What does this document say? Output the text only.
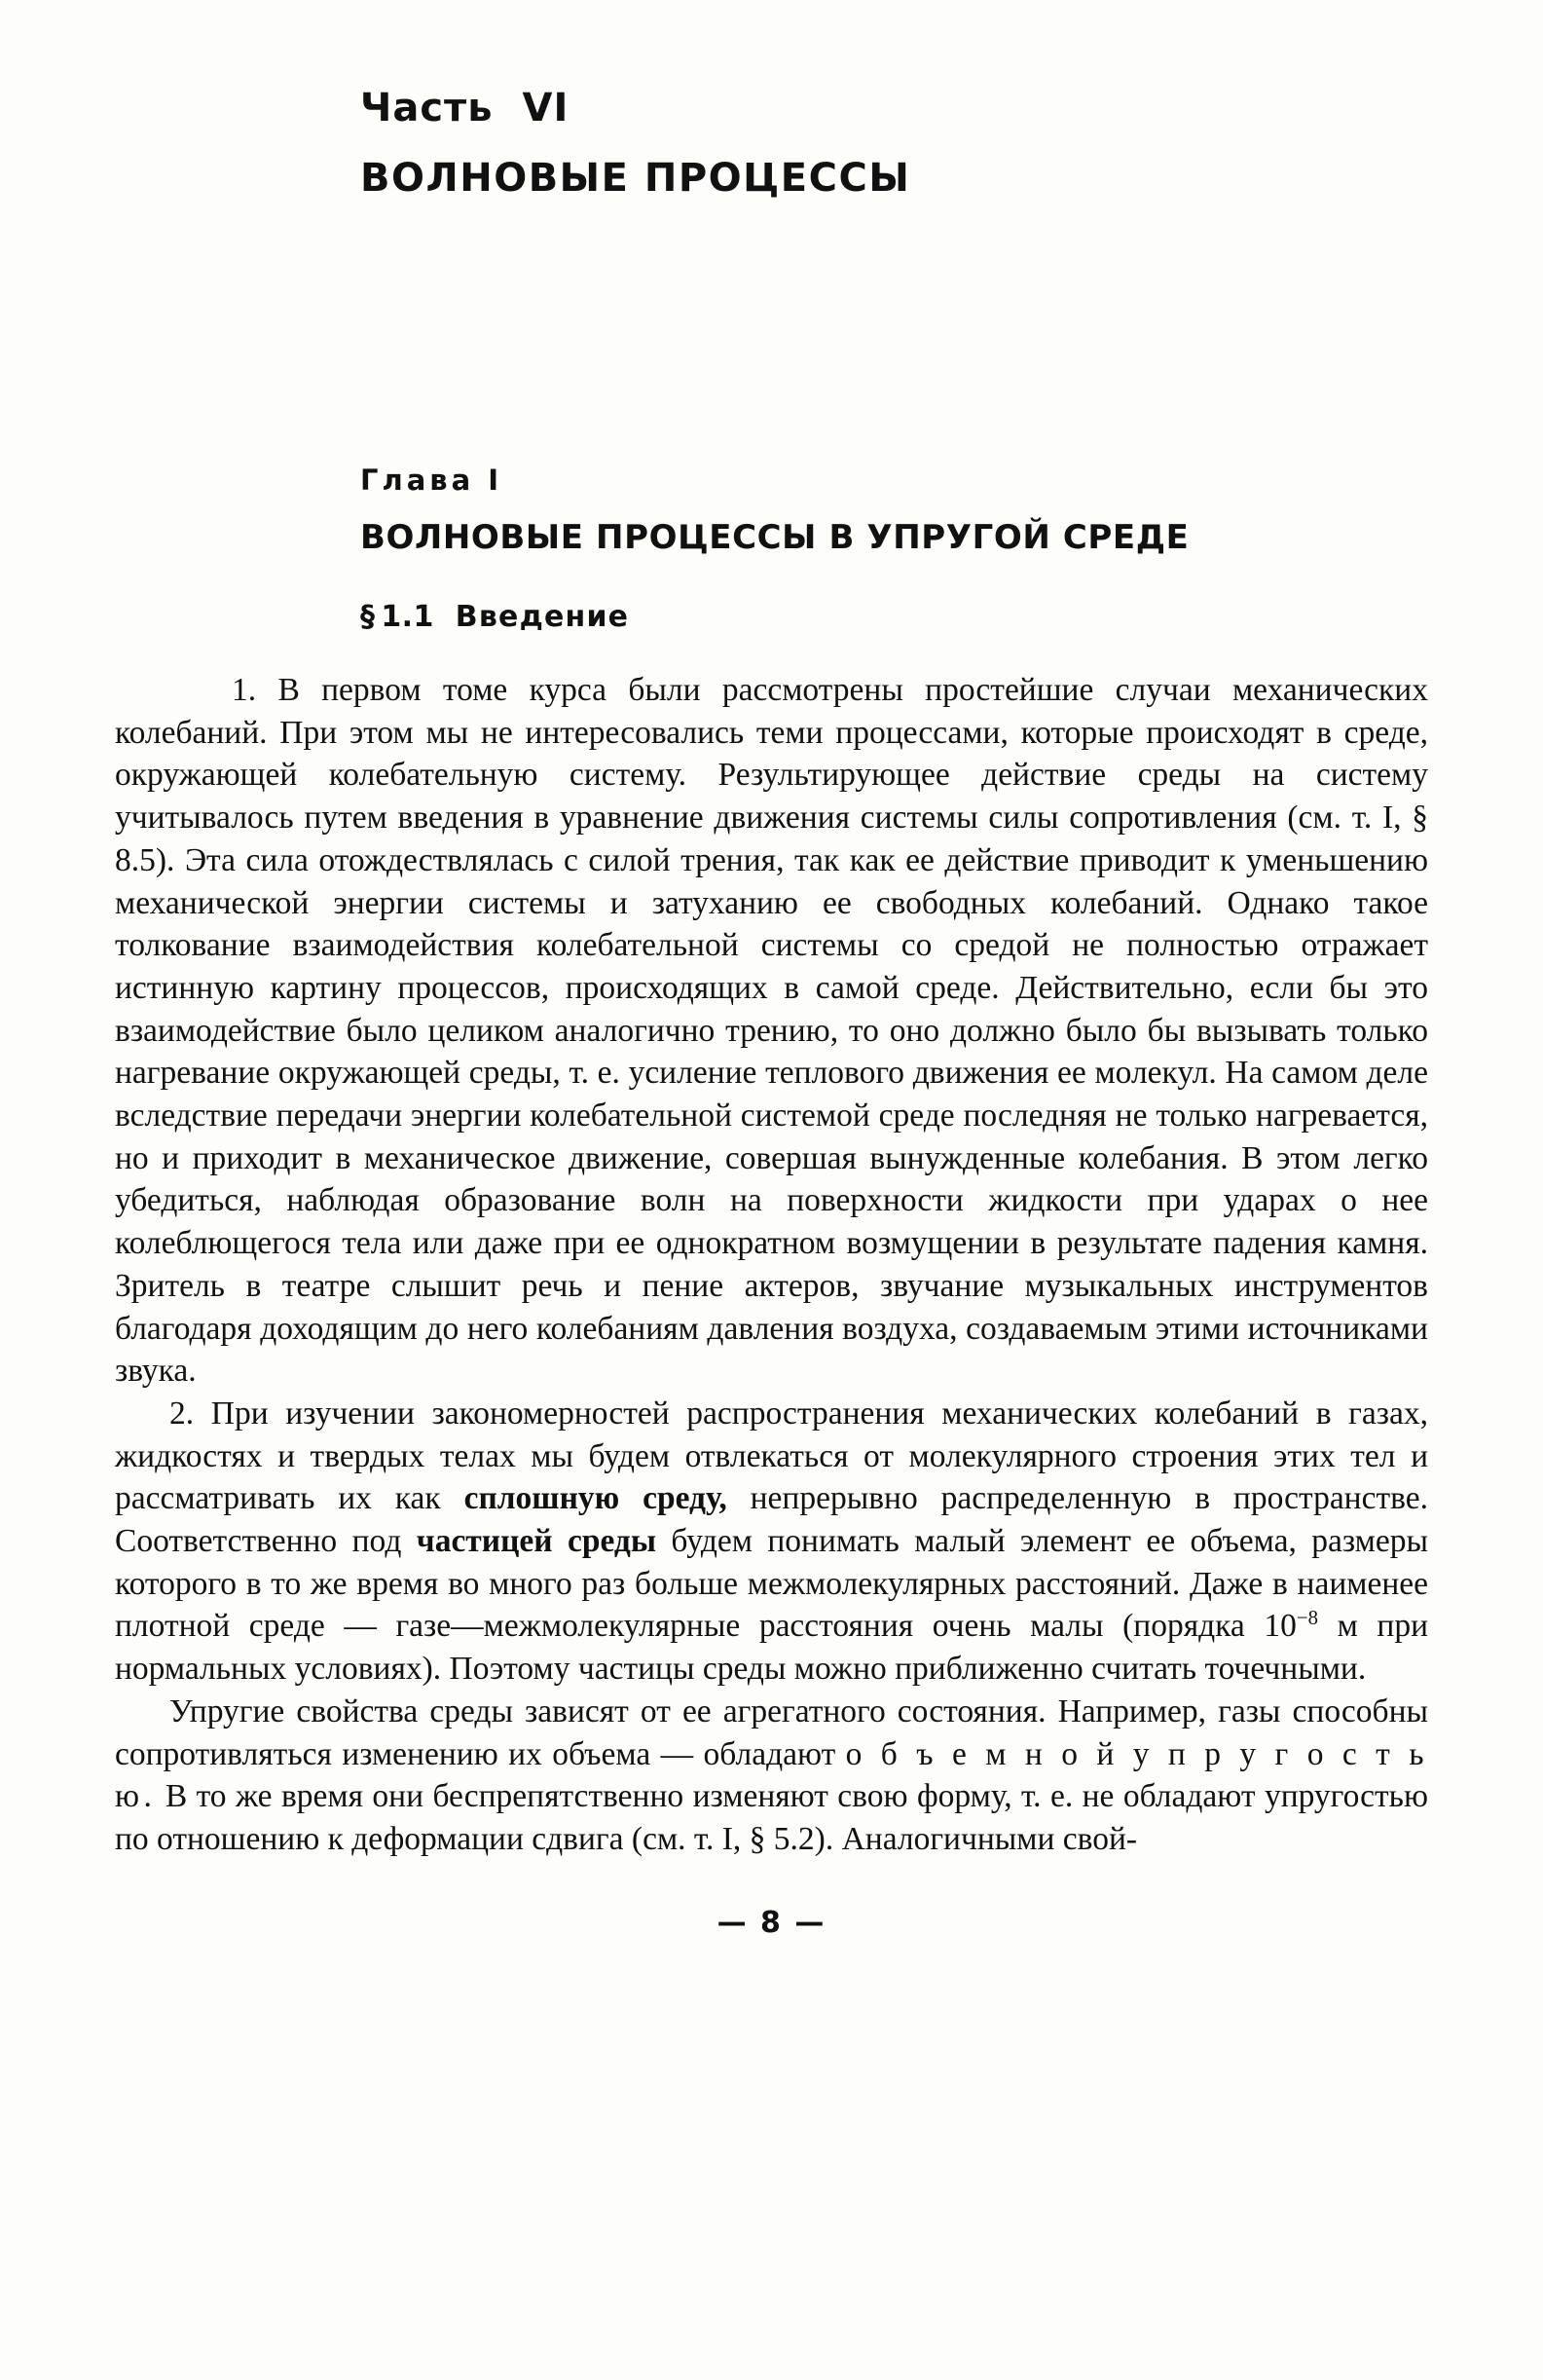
Часть VI
ВОЛНОВЫЕ ПРОЦЕССЫ
Глава I
ВОЛНОВЫЕ ПРОЦЕССЫ В УПРУГОЙ СРЕДЕ
§ 1.1 Введение

1. В первом томе курса были рассмотрены простейшие случаи механических колебаний. При этом мы не интересовались теми процессами, которые происходят в среде, окружающей колебательную систему. Результирующее действие среды на систему учитывалось путем введения в уравнение движения системы силы сопротивления (см. т. I, § 8.5). Эта сила отождествлялась с силой трения, так как ее действие приводит к уменьшению механической энергии системы и затуханию ее свободных колебаний. Однако такое толкование взаимодействия колебательной системы со средой не полностью отражает истинную картину процессов, происходящих в самой среде. Действительно, если бы это взаимодействие было целиком аналогично трению, то оно должно было бы вызывать только нагревание окружающей среды, т. е. усиление теплового движения ее молекул. На самом деле вследствие передачи энергии колебательной системой среде последняя не только нагревается, но и приходит в механическое движение, совершая вынужденные колебания. В этом легко убедиться, наблюдая образование волн на поверхности жидкости при ударах о нее колеблющегося тела или даже при ее однократном возмущении в результате падения камня. Зритель в театре слышит речь и пение актеров, звучание музыкальных инструментов благодаря доходящим до него колебаниям давления воздуха, создаваемым этими источниками звука.

2. При изучении закономерностей распространения механических колебаний в газах, жидкостях и твердых телах мы будем отвлекаться от молекулярного строения этих тел и рассматривать их как сплошную среду, непрерывно распределенную в пространстве. Соответственно под частицей среды будем понимать малый элемент ее объема, размеры которого в то же время во много раз больше межмолекулярных расстояний. Даже в наименее плотной среде — газе—межмолекулярные расстояния очень малы (порядка $10^{-8}$ м при нормальных условиях). Поэтому частицы среды можно приближенно считать точечными.

Упругие свойства среды зависят от ее агрегатного состояния. Например, газы способны сопротивляться изменению их объема — обладают о б ъ е м н о й у п р у г о с т ь ю. В то же время они беспрепятственно изменяют свою форму, т. е. не обладают упругостью по отношению к деформации сдвига (см. т. I, § 5.2). Аналогичными свой-

— 8 —
